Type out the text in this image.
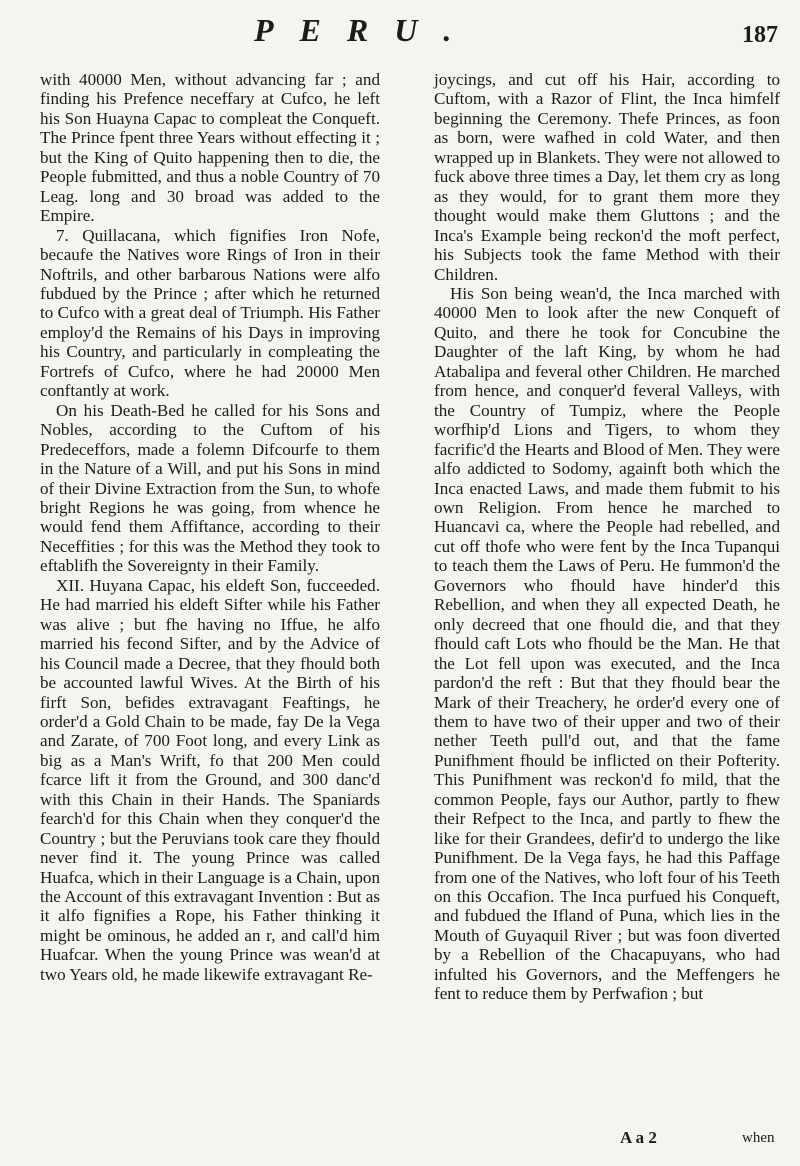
PERU.	187

with 40000 Men, without advancing far ; and finding his Prefence neceffary at Cufco, he left his Son Huayna Capac to compleat the Conqueft. The Prince fpent three Years without effecting it ; but the King of Quito happening then to die, the People fubmitted, and thus a noble Country of 70 Leag. long and 30 broad was added to the Empire.

7. Quillacana, which fignifies Iron Nofe, becaufe the Natives wore Rings of Iron in their Noftrils, and other barbarous Nations were alfo fubdued by the Prince ; after which he returned to Cufco with a great deal of Triumph. His Father employ'd the Remains of his Days in improving his Country, and particularly in compleating the Fortrefs of Cufco, where he had 20000 Men conftantly at work.

On his Death-Bed he called for his Sons and Nobles, according to the Cuftom of his Predeceffors, made a folemn Difcourfe to them in the Nature of a Will, and put his Sons in mind of their Divine Extraction from the Sun, to whofe bright Regions he was going, from whence he would fend them Affiftance, according to their Neceffities ; for this was the Method they took to eftablifh the Sovereignty in their Family.

XII. Huyana Capac, his eldeft Son, fucceeded. He had married his eldeft Sifter while his Father was alive ; but fhe having no Iffue, he alfo married his fecond Sifter, and by the Advice of his Council made a Decree, that they fhould both be accounted lawful Wives. At the Birth of his firft Son, befides extravagant Feaftings, he order'd a Gold Chain to be made, fay De la Vega and Zarate, of 700 Foot long, and every Link as big as a Man's Wrift, fo that 200 Men could fcarce lift it from the Ground, and 300 danc'd with this Chain in their Hands. The Spaniards fearch'd for this Chain when they conquer'd the Country ; but the Peruvians took care they fhould never find it. The young Prince was called Huafca, which in their Language is a Chain, upon the Account of this extravagant Invention : But as it alfo fignifies a Rope, his Father thinking it might be ominous, he added an r, and call'd him Huafcar. When the young Prince was wean'd at two Years old, he made likewife extravagant Re-

joycings, and cut off his Hair, according to Cuftom, with a Razor of Flint, the Inca himfelf beginning the Ceremony. Thefe Princes, as foon as born, were wafhed in cold Water, and then wrapped up in Blankets. They were not allowed to fuck above three times a Day, let them cry as long as they would, for to grant them more they thought would make them Gluttons ; and the Inca's Example being reckon'd the moft perfect, his Subjects took the fame Method with their Children.

His Son being wean'd, the Inca marched with 40000 Men to look after the new Conqueft of Quito, and there he took for Concubine the Daughter of the laft King, by whom he had Atabalipa and feveral other Children. He marched from hence, and conquer'd feveral Valleys, with the Country of Tumpiz, where the People worfhip'd Lions and Tigers, to whom they facrific'd the Hearts and Blood of Men. They were alfo addicted to Sodomy, againft both which the Inca enacted Laws, and made them fubmit to his own Religion. From hence he marched to Huancavi ca, where the People had rebelled, and cut off thofe who were fent by the Inca Tupanqui to teach them the Laws of Peru. He fummon'd the Governors who fhould have hinder'd this Rebellion, and when they all expected Death, he only decreed that one fhould die, and that they fhould caft Lots who fhould be the Man. He that the Lot fell upon was executed, and the Inca pardon'd the reft : But that they fhould bear the Mark of their Treachery, he order'd every one of them to have two of their upper and two of their nether Teeth pull'd out, and that the fame Punifhment fhould be inflicted on their Pofterity. This Punifhment was reckon'd fo mild, that the common People, fays our Author, partly to fhew their Refpect to the Inca, and partly to fhew the like for their Grandees, defir'd to undergo the like Punifhment. De la Vega fays, he had this Paffage from one of the Natives, who loft four of his Teeth on this Occafion. The Inca purfued his Conqueft, and fubdued the Ifland of Puna, which lies in the Mouth of Guyaquil River ; but was foon diverted by a Rebellion of the Chacapuyans, who had infulted his Governors, and the Meffengers he fent to reduce them by Perfwafion ; but

A a 2	when
